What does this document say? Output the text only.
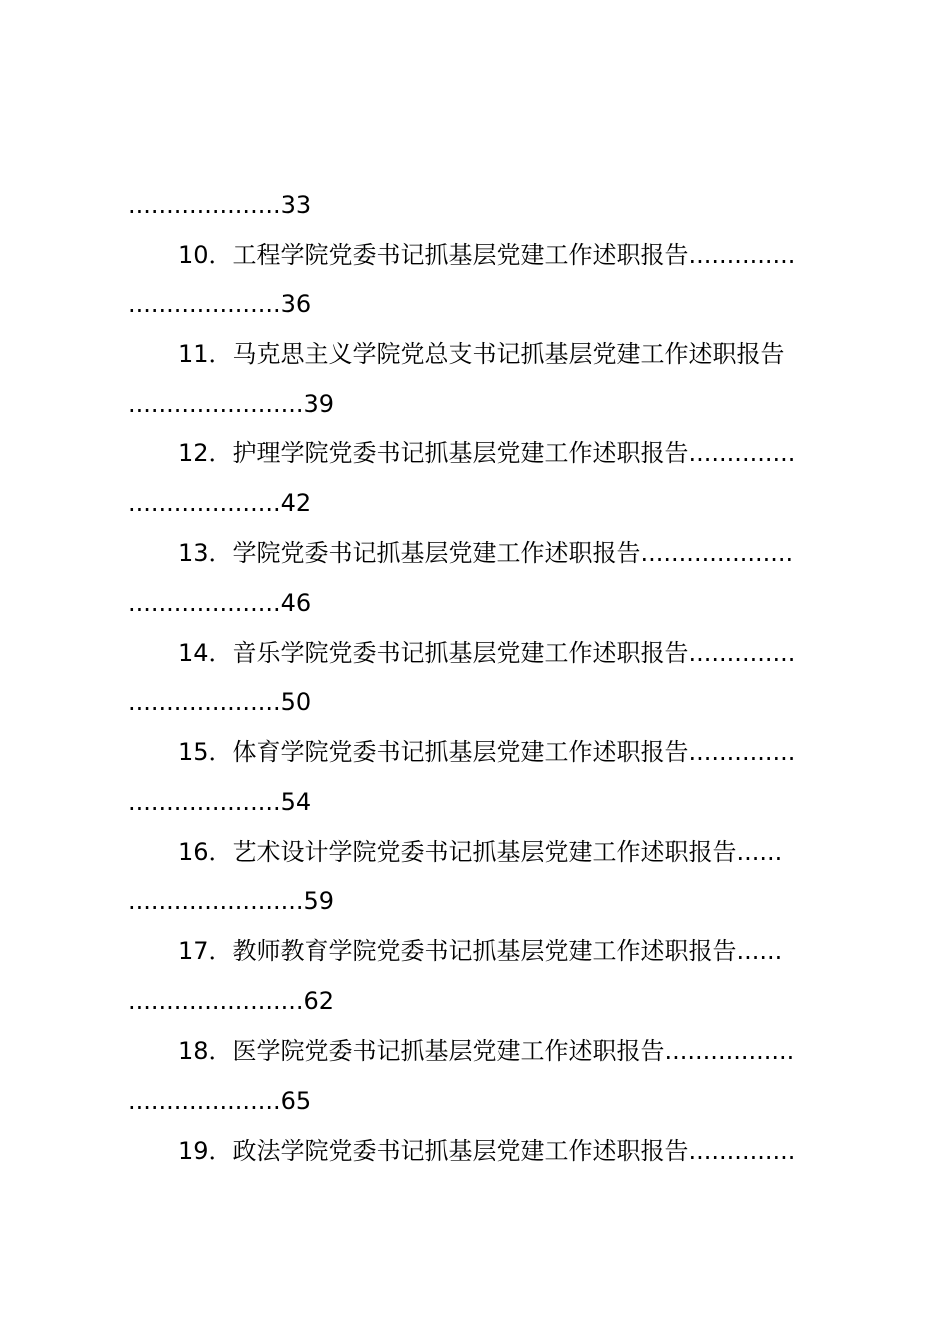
....................33
10．工程学院党委书记抓基层党建工作述职报告..............
....................36
11．马克思主义学院党总支书记抓基层党建工作述职报告
.......................39
12．护理学院党委书记抓基层党建工作述职报告..............
....................42
13．学院党委书记抓基层党建工作述职报告....................
....................46
14．音乐学院党委书记抓基层党建工作述职报告..............
....................50
15．体育学院党委书记抓基层党建工作述职报告..............
....................54
16．艺术设计学院党委书记抓基层党建工作述职报告......
.......................59
17．教师教育学院党委书记抓基层党建工作述职报告......
.......................62
18．医学院党委书记抓基层党建工作述职报告.................
....................65
19．政法学院党委书记抓基层党建工作述职报告..............
